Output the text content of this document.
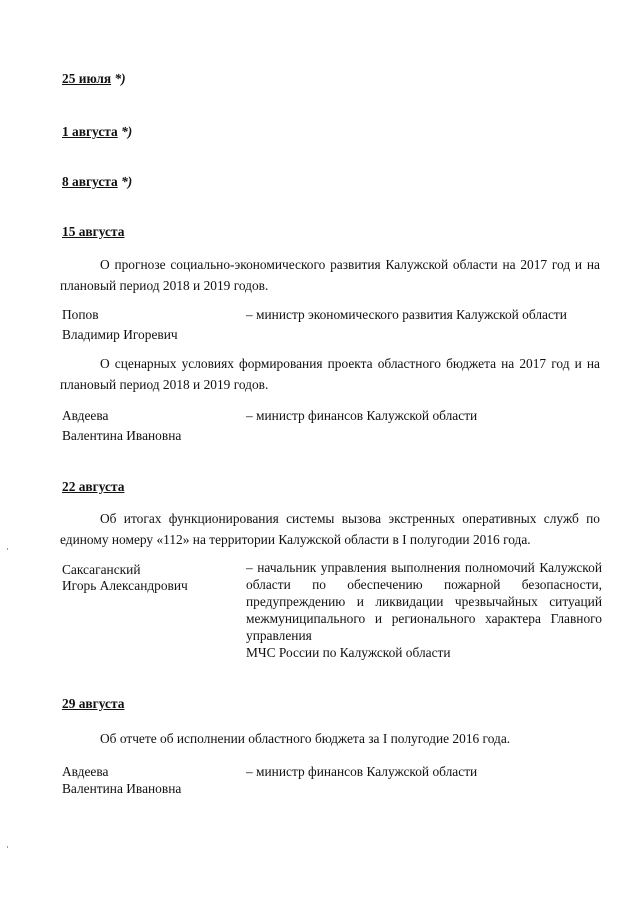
25 июля *)
1 августа *)
8 августа *)
15 августа
О прогнозе социально-экономического развития Калужской области на 2017 год и на плановый период 2018 и 2019 годов.
Попов
Владимир Игоревич
– министр экономического развития Калужской области
О сценарных условиях формирования проекта областного бюджета на 2017 год и на плановый период 2018 и 2019 годов.
Авдеева
Валентина Ивановна
– министр финансов Калужской области
22 августа
Об итогах функционирования системы вызова экстренных оперативных служб по единому номеру «112» на территории Калужской области в I полугодии 2016 года.
Саксаганский
Игорь Александрович
– начальник управления выполнения полномочий Калужской области по обеспечению пожарной безопасности, предупреждению и ликвидации чрезвычайных ситуаций межмуниципального и регионального характера Главного управления
МЧС России по Калужской области
29 августа
Об отчете об исполнении областного бюджета за I полугодие 2016 года.
Авдеева
Валентина Ивановна
– министр финансов Калужской области
